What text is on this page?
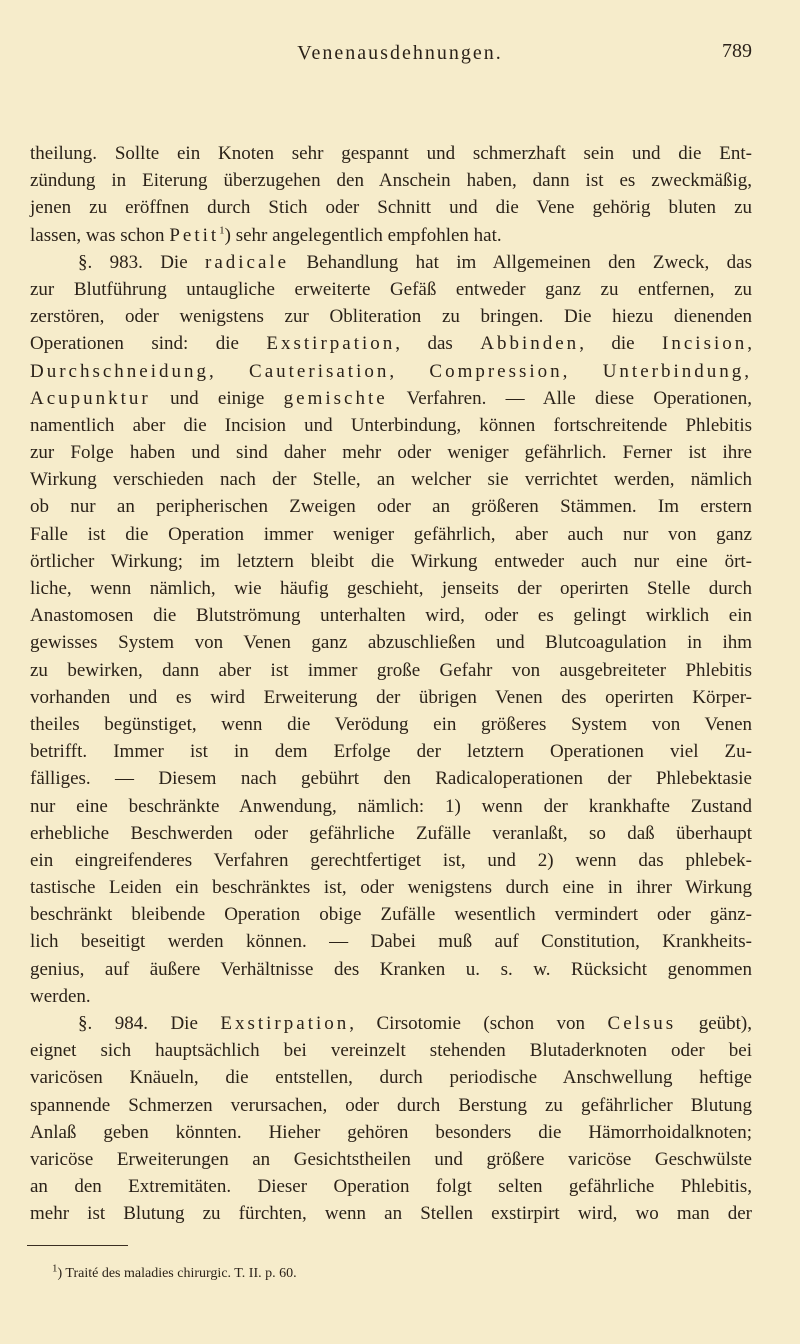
Venenausdehnungen.	789
theilung. Sollte ein Knoten sehr gespannt und schmerzhaft sein und die Ent-
zündung in Eiterung überzugehen den Anschein haben, dann ist es zweckmäßig,
jenen zu eröffnen durch Stich oder Schnitt und die Vene gehörig bluten zu
lassen, was schon Petit$^1$) sehr angelegentlich empfohlen hat.
§. 983. Die radicale Behandlung hat im Allgemeinen den Zweck, das
zur Blutführung untaugliche erweiterte Gefäß entweder ganz zu entfernen, zu
zerstören, oder wenigstens zur Obliteration zu bringen. Die hiezu dienenden
Operationen sind: die Exstirpation, das Abbinden, die Incision,
Durchschneidung, Cauterisation, Compression, Unterbindung,
Acupunktur und einige gemischte Verfahren. — Alle diese Operationen,
namentlich aber die Incision und Unterbindung, können fortschreitende Phlebitis
zur Folge haben und sind daher mehr oder weniger gefährlich. Ferner ist ihre
Wirkung verschieden nach der Stelle, an welcher sie verrichtet werden, nämlich
ob nur an peripherischen Zweigen oder an größeren Stämmen. Im erstern
Falle ist die Operation immer weniger gefährlich, aber auch nur von ganz
örtlicher Wirkung; im letztern bleibt die Wirkung entweder auch nur eine ört-
liche, wenn nämlich, wie häufig geschieht, jenseits der operirten Stelle durch
Anastomosen die Blutströmung unterhalten wird, oder es gelingt wirklich ein
gewisses System von Venen ganz abzuschließen und Blutcoagulation in ihm
zu bewirken, dann aber ist immer große Gefahr von ausgebreiteter Phlebitis
vorhanden und es wird Erweiterung der übrigen Venen des operirten Körper-
theiles begünstiget, wenn die Verödung ein größeres System von Venen
betrifft. Immer ist in dem Erfolge der letztern Operationen viel Zu-
fälliges. — Diesem nach gebührt den Radicaloperationen der Phlebektasie
nur eine beschränkte Anwendung, nämlich: 1) wenn der krankhafte Zustand
erhebliche Beschwerden oder gefährliche Zufälle veranlaßt, so daß überhaupt
ein eingreifenderes Verfahren gerechtfertiget ist, und 2) wenn das phlebek-
tastische Leiden ein beschränktes ist, oder wenigstens durch eine in ihrer Wirkung
beschränkt bleibende Operation obige Zufälle wesentlich vermindert oder gänz-
lich beseitigt werden können. — Dabei muß auf Constitution, Krankheits-
genius, auf äußere Verhältnisse des Kranken u. s. w. Rücksicht genommen
werden.
§. 984. Die Exstirpation, Cirsotomie (schon von Celsus geübt),
eignet sich hauptsächlich bei vereinzelt stehenden Blutaderknoten oder bei
varicösen Knäueln, die entstellen, durch periodische Anschwellung heftige
spannende Schmerzen verursachen, oder durch Berstung zu gefährlicher Blutung
Anlaß geben könnten. Hieher gehören besonders die Hämorrhoidalknoten;
varicöse Erweiterungen an Gesichtstheilen und größere varicöse Geschwülste
an den Extremitäten. Dieser Operation folgt selten gefährliche Phlebitis,
mehr ist Blutung zu fürchten, wenn an Stellen exstirpirt wird, wo man der
$^1$) Traité des maladies chirurgic. T. II. p. 60.
